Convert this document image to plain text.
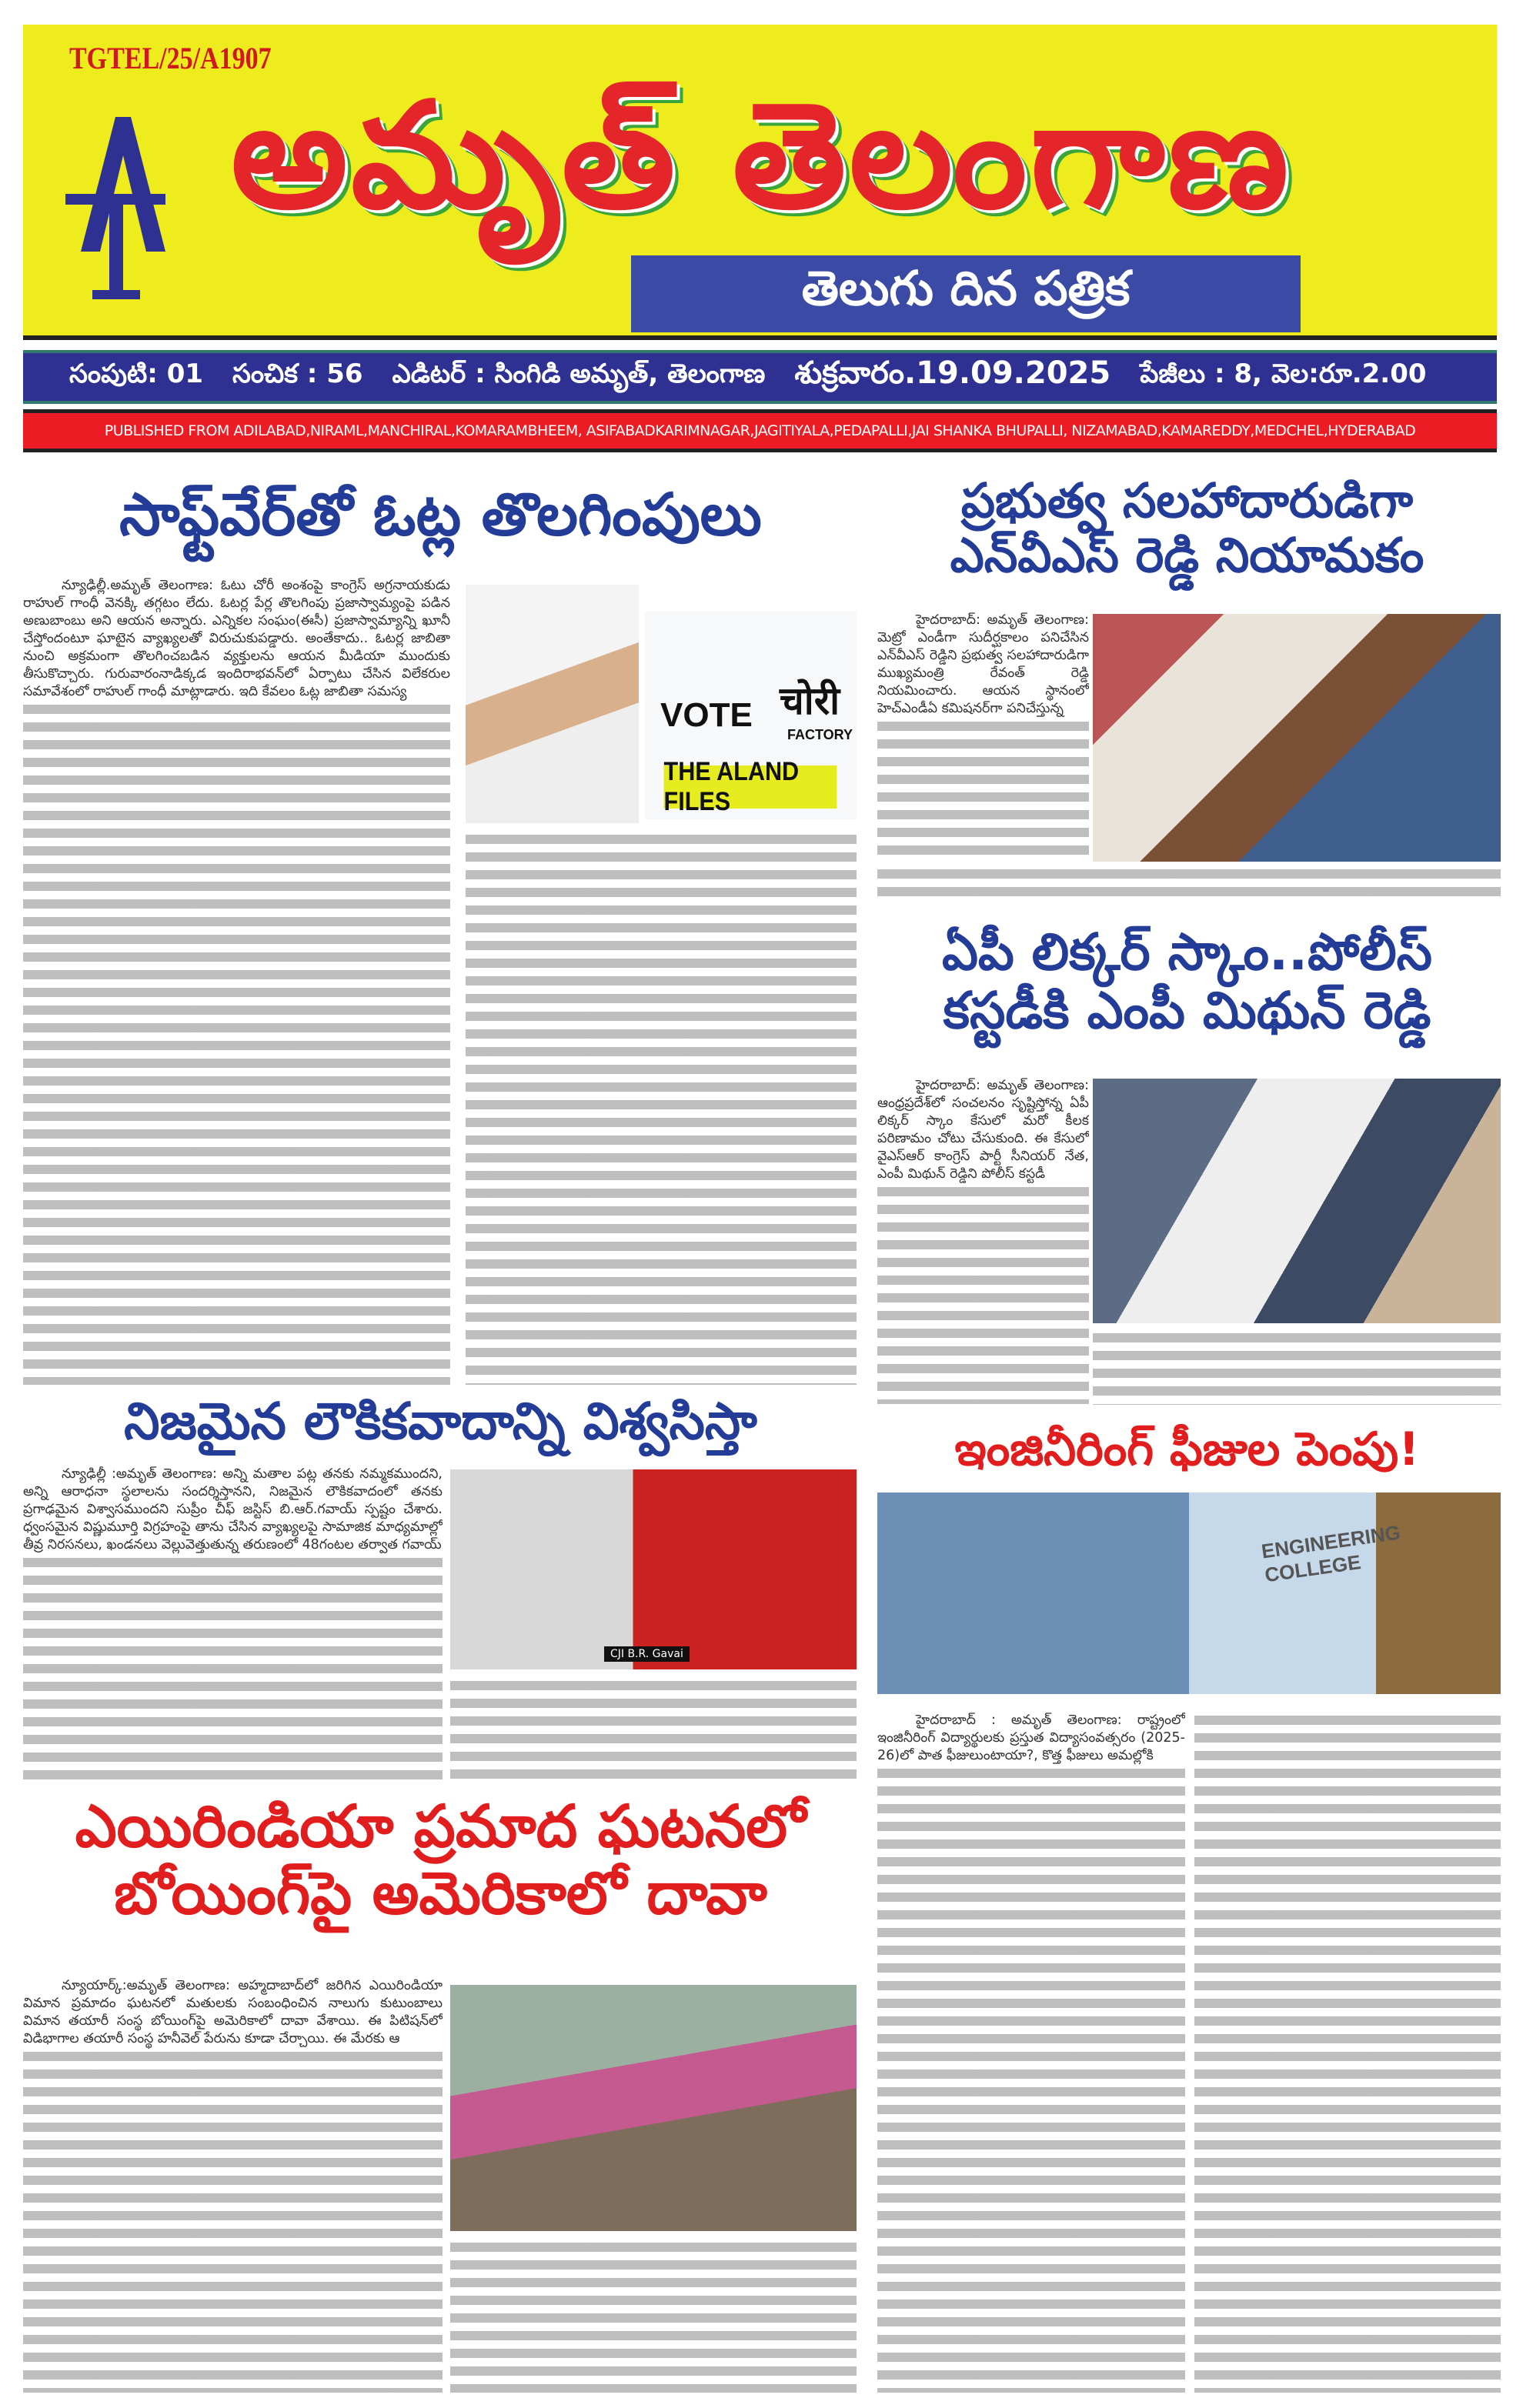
TGTEL/25/A1907
అమృత్ తెలంగాణ
తెలుగు దిన పత్రిక
సంపుటి: 01 సంచిక : 56 ఎడిటర్ : సింగిడి అమృత్, తెలంగాణ శుక్రవారం.19.09.2025 పేజీలు : 8, వెల:రూ.2.00
PUBLISHED FROM ADILABAD,NIRAML,MANCHIRAL,KOMARAMBHEEM, ASIFABADKARIMNAGAR,JAGITIYALA,PEDAPALLI,JAI SHANKA BHUPALLI, NIZAMABAD,KAMAREDDY,MEDCHEL,HYDERABAD
సాఫ్ట్‌వేర్‌తో ఓట్ల తొలగింపులు

న్యూఢిల్లీ.అమృత్ తెలంగాణ: ఓటు చోరీ అంశంపై కాంగ్రెస్ అగ్రనాయకుడు రాహుల్ గాంధీ వెనక్కి తగ్గటం లేదు. ఓటర్ల పేర్ల తొలగింపు ప్రజాస్వామ్యంపై పడిన అణుబాంబు అని ఆయన అన్నారు. ఎన్నికల సంఘం(ఈసీ) ప్రజాస్వామ్యాన్ని ఖూనీ చేస్తోందంటూ ఘాటైన వ్యాఖ్యలతో విరుచుకుపడ్డారు. అంతేకాదు.. ఓటర్ల జాబితా నుంచి అక్రమంగా తొలగించబడిన వ్యక్తులను ఆయన మీడియా ముందుకు తీసుకొచ్చారు. గురువారంనాడిక్కడ ఇందిరాభవన్‌లో ఏర్పాటు చేసిన విలేకరుల సమావేశంలో రాహుల్ గాంధీ మాట్లాడారు. ఇది కేవలం ఓట్ల జాబితా సమస్య

VOTE चोरी
FACTORY
THE ALAND FILES
నిజమైన లౌకికవాదాన్ని విశ్వసిస్తా

న్యూఢిల్లీ :అమృత్ తెలంగాణ: అన్ని మతాల పట్ల తనకు నమ్మకముందని, అన్ని ఆరాధనా స్థలాలను సందర్శిస్తానని, నిజమైన లౌకికవాదంలో తనకు ప్రగాఢమైన విశ్వాసముందని సుప్రీం చీఫ్ జస్టిస్ బి.ఆర్.గవాయ్ స్పష్టం చేశారు. ధ్వంసమైన విష్ణుమూర్తి విగ్రహంపై తాను చేసిన వ్యాఖ్యలపై సామాజిక మాధ్యమాల్లో తీవ్ర నిరసనలు, ఖండనలు వెల్లువెత్తుతున్న తరుణంలో 48గంటల తర్వాత గవాయ్

CJI B.R. Gavai
ఎయిరిండియా ప్రమాద ఘటనలో
బోయింగ్‌పై అమెరికాలో దావా

న్యూయార్క్:అమృత్ తెలంగాణ: అహ్మదాబాద్‌లో జరిగిన ఎయిరిండియా విమాన ప్రమాదం ఘటనలో మతులకు సంబంధించిన నాలుగు కుటుంబాలు విమాన తయారీ సంస్థ బోయింగ్‌పై అమెరికాలో దావా వేశాయి. ఈ పిటిషన్‌లో విడిభాగాల తయారీ సంస్థ హనీవెల్ పేరును కూడా చేర్చాయి. ఈ మేరకు ఆ

ప్రభుత్వ సలహాదారుడిగా
ఎన్‌వీఎస్ రెడ్డి నియామకం

హైదరాబాద్: అమృత్ తెలంగాణ: మెట్రో ఎండీగా సుదీర్ఘకాలం పనిచేసిన ఎన్‌వీఎస్ రెడ్డిని ప్రభుత్వ సలహాదారుడిగా ముఖ్యమంత్రి రేవంత్ రెడ్డి నియమించారు. ఆయన స్థానంలో హెచ్‌ఎండీఏ కమిషనర్‌గా పనిచేస్తున్న

ఏపీ లిక్కర్ స్కాం..పోలీస్
కస్టడీకి ఎంపీ మిథున్ రెడ్డి

హైదరాబాద్: అమృత్ తెలంగాణ: ఆంధ్రప్రదేశ్‌లో సంచలనం సృష్టిస్తోన్న ఏపీ లిక్కర్ స్కాం కేసులో మరో కీలక పరిణామం చోటు చేసుకుంది. ఈ కేసులో వైఎస్ఆర్ కాంగ్రెస్ పార్టీ సీనియర్ నేత, ఎంపీ మిథున్ రెడ్డిని పోలీస్ కస్టడీ

ఇంజినీరింగ్ ఫీజుల పెంపు!
ENGINEERING COLLEGE

హైదరాబాద్ : అమృత్ తెలంగాణ: రాష్ట్రంలో ఇంజినీరింగ్ విద్యార్థులకు ప్రస్తుత విద్యాసంవత్సరం (2025-26)లో పాత ఫీజులుంటాయా?, కొత్త ఫీజులు అమల్లోకి
